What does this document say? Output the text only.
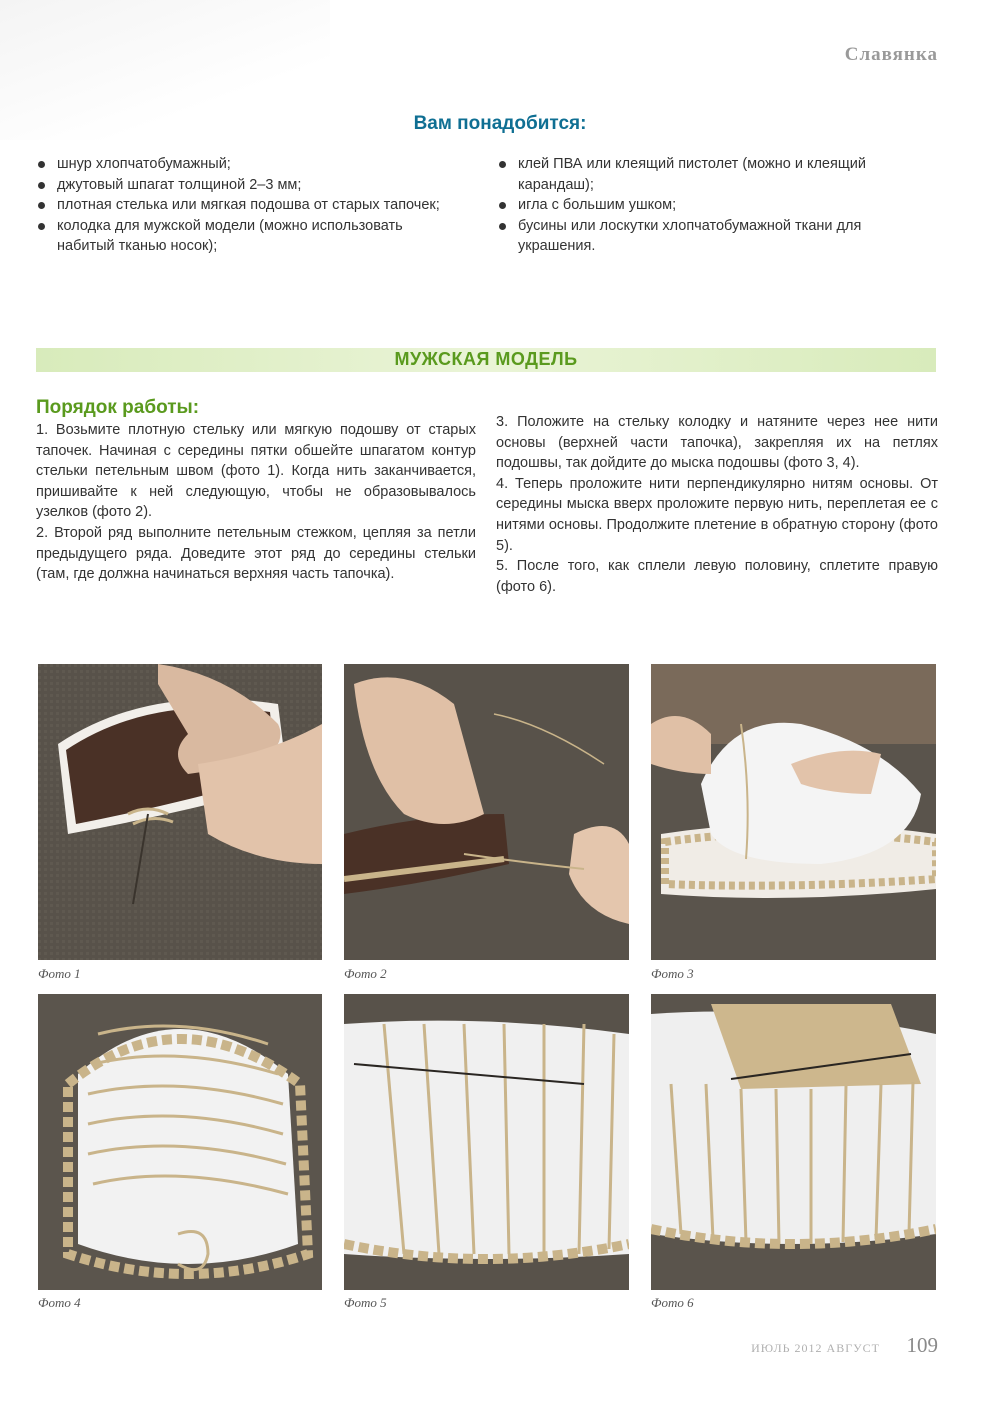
Славянка
Вам понадобится:
шнур хлопчатобумажный;
джутовый шпагат толщиной 2–3 мм;
плотная стелька или мягкая подошва от старых тапочек;
колодка для мужской модели (можно использовать набитый тканью носок);
клей ПВА или клеящий пистолет (можно и клеящий карандаш);
игла с большим ушком;
бусины или лоскутки хлопчатобумажной ткани для украшения.
МУЖСКАЯ МОДЕЛЬ
Порядок работы:

1. Возьмите плотную стельку или мягкую подошву от старых тапочек. Начиная с середины пятки обшейте шпагатом контур стельки петельным швом (фото 1). Когда нить заканчивается, пришивайте к ней следующую, чтобы не образовывалось узелков (фото 2).

2. Второй ряд выполните петельным стежком, цепляя за петли предыдущего ряда. Доведите этот ряд до середины стельки (там, где должна начинаться верхняя часть тапочка).

3. Положите на стельку колодку и натяните через нее нити основы (верхней части тапочка), закрепляя их на петлях подошвы, так дойдите до мыска подошвы (фото 3, 4).

4. Теперь проложите нити перпендикулярно нитям основы. От середины мыска вверх проложите первую нить, переплетая ее с нитями основы. Продолжите плетение в обратную сторону (фото 5).

5. После того, как сплели левую половину, сплетите правую (фото 6).

Фото 1	Фото 2	Фото 3
Фото 4	Фото 5	Фото 6
ИЮЛЬ 2012 АВГУСТ 109
